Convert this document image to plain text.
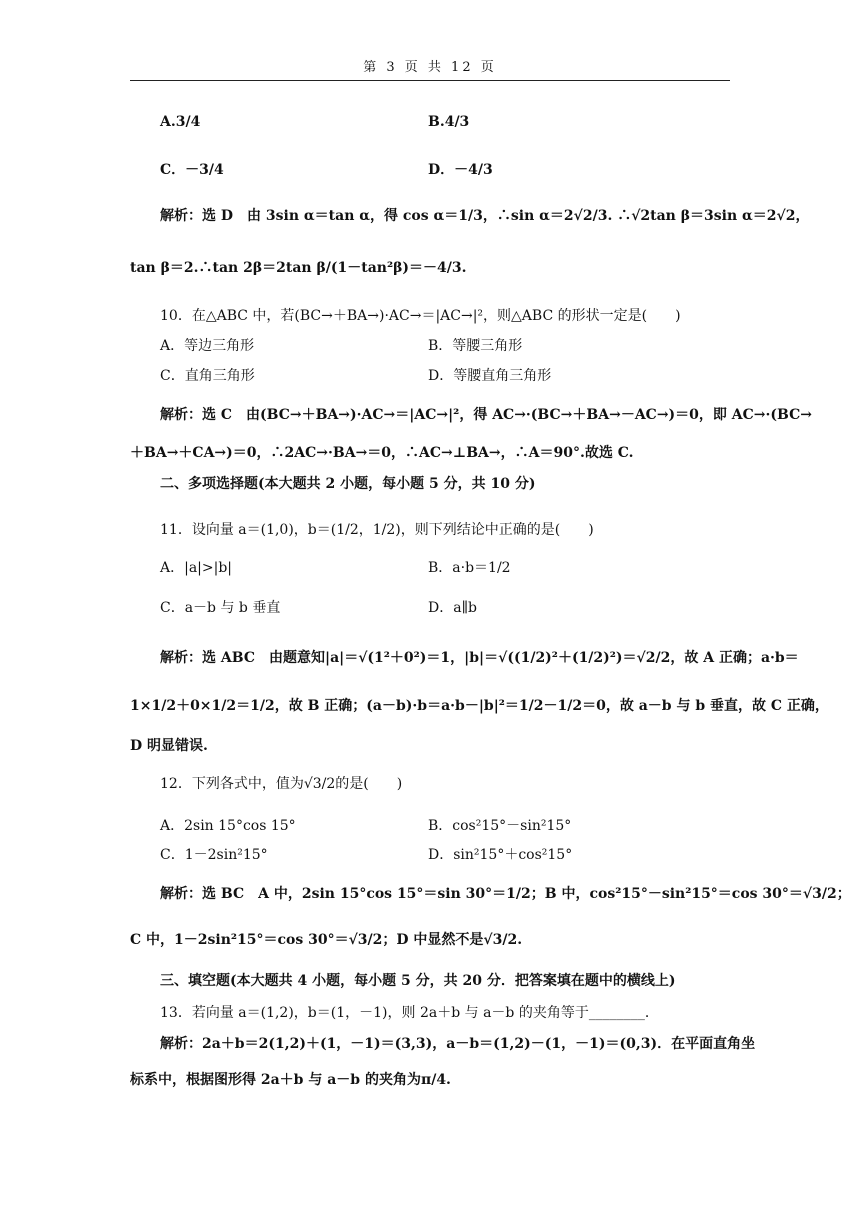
第 3 页 共 12 页
A.3/4	B.4/3
C．－3/4	D．－4/3
解析：选 D　由 3sin α＝tan α，得 cos α＝1/3，∴sin α＝2√2/3. ∴√2tan β＝3sin α＝2√2，
tan β＝2.∴tan 2β＝2tan β/(1－tan²β)＝－4/3.
10．在△ABC 中，若(BC→＋BA→)·AC→＝|AC→|²，则△ABC 的形状一定是(　　)
A．等边三角形	B．等腰三角形
C．直角三角形	D．等腰直角三角形
解析：选 C　由(BC→＋BA→)·AC→＝|AC→|²，得 AC→·(BC→＋BA→－AC→)＝0，即 AC→·(BC→
＋BA→＋CA→)＝0，∴2AC→·BA→＝0，∴AC→⊥BA→，∴A＝90°.故选 C.
二、多项选择题(本大题共 2 小题，每小题 5 分，共 10 分)
11．设向量 a＝(1,0)，b＝(1/2，1/2)，则下列结论中正确的是(　　)
A．|a|>|b|	B．a·b＝1/2
C．a－b 与 b 垂直	D．a∥b
解析：选 ABC　由题意知|a|＝√(1²＋0²)＝1，|b|＝√((1/2)²＋(1/2)²)＝√2/2，故 A 正确；a·b＝
1×1/2＋0×1/2＝1/2，故 B 正确；(a－b)·b＝a·b－|b|²＝1/2－1/2＝0，故 a－b 与 b 垂直，故 C 正确，
D 明显错误.
12．下列各式中，值为√3/2的是(　　)
A．2sin 15°cos 15°	B．cos²15°－sin²15°
C．1－2sin²15°	D．sin²15°＋cos²15°
解析：选 BC　A 中，2sin 15°cos 15°＝sin 30°＝1/2；B 中，cos²15°－sin²15°＝cos 30°＝√3/2；
C 中，1－2sin²15°＝cos 30°＝√3/2；D 中显然不是√3/2.
三、填空题(本大题共 4 小题，每小题 5 分，共 20 分．把答案填在题中的横线上)
13．若向量 a＝(1,2)，b＝(1，－1)，则 2a＋b 与 a－b 的夹角等于________．
解析：2a＋b＝2(1,2)＋(1，－1)＝(3,3)，a－b＝(1,2)－(1，－1)＝(0,3)．在平面直角坐
标系中，根据图形得 2a＋b 与 a－b 的夹角为π/4.
